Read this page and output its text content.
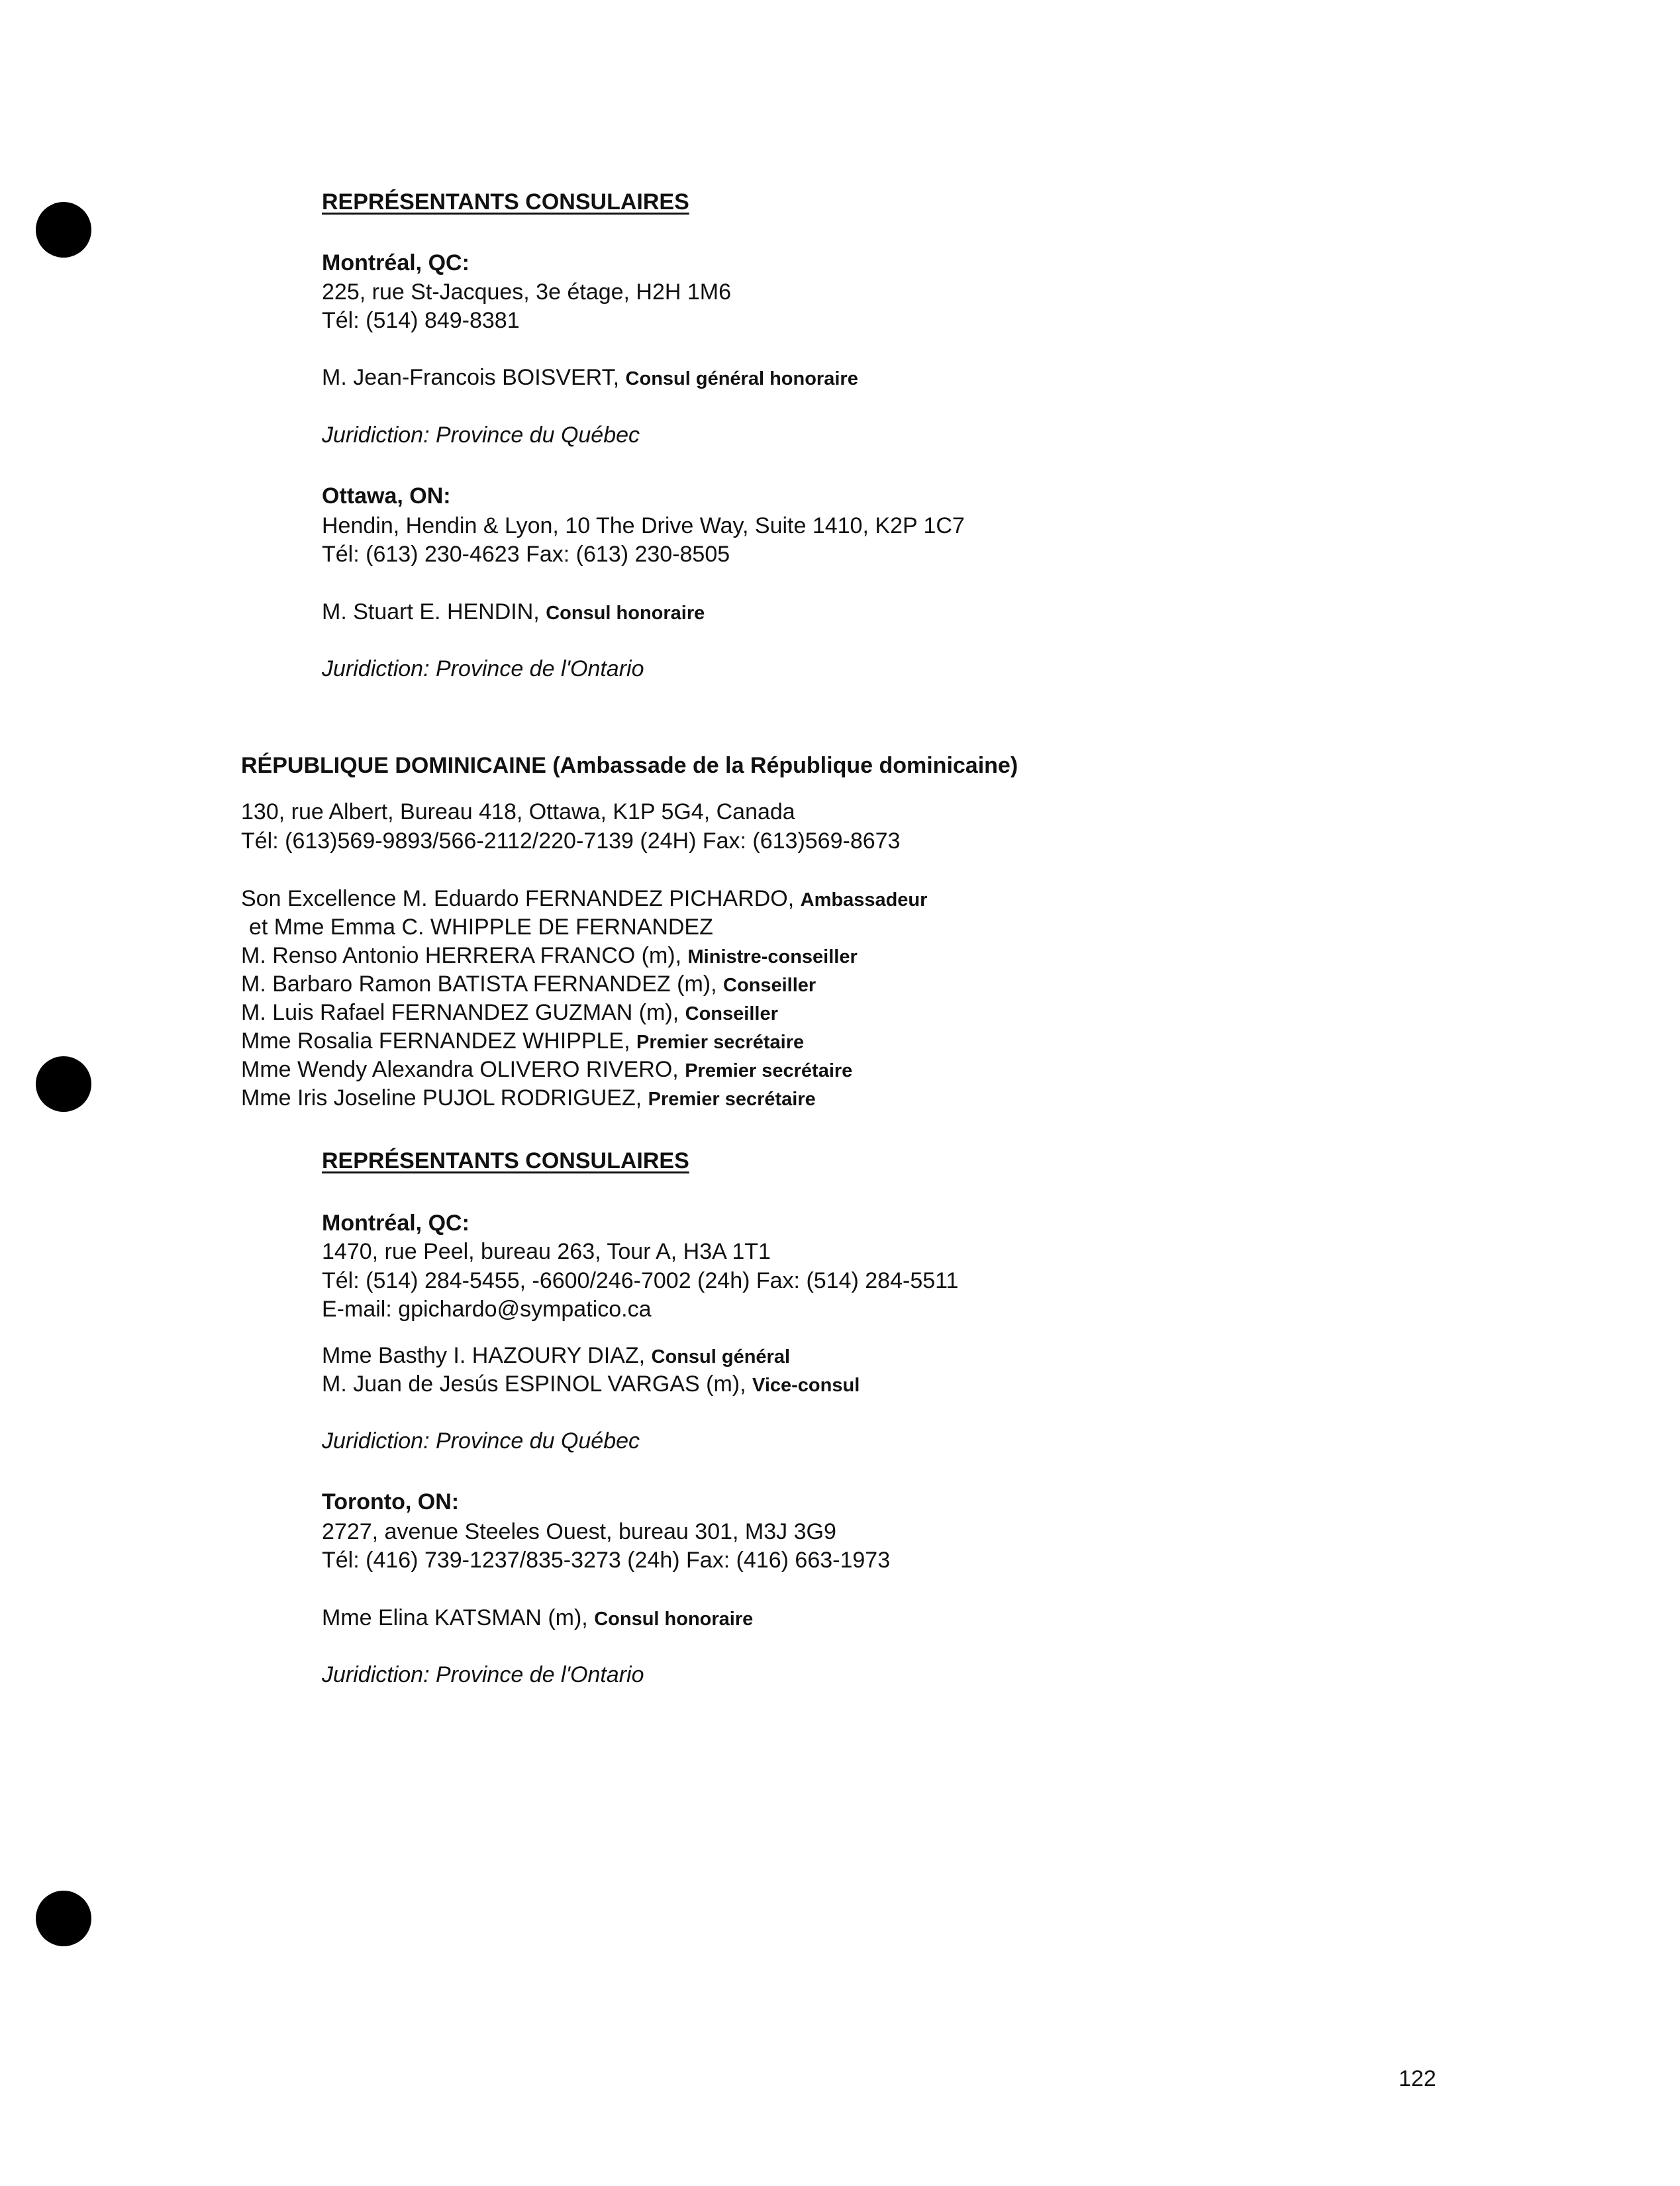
REPRÉSENTANTS CONSULAIRES
Montréal, QC:
225, rue St-Jacques, 3e étage, H2H 1M6
Tél: (514) 849-8381
M. Jean-Francois BOISVERT, Consul général honoraire
Juridiction: Province du Québec
Ottawa, ON:
Hendin, Hendin & Lyon, 10 The Drive Way, Suite 1410, K2P 1C7
Tél: (613) 230-4623 Fax: (613) 230-8505
M. Stuart E. HENDIN, Consul honoraire
Juridiction: Province de l'Ontario
RÉPUBLIQUE DOMINICAINE (Ambassade de la République dominicaine)
130, rue Albert, Bureau 418, Ottawa, K1P 5G4, Canada
Tél: (613)569-9893/566-2112/220-7139 (24H) Fax: (613)569-8673
Son Excellence M. Eduardo FERNANDEZ PICHARDO, Ambassadeur
et Mme Emma C. WHIPPLE DE FERNANDEZ
M. Renso Antonio HERRERA FRANCO (m), Ministre-conseiller
M. Barbaro Ramon BATISTA FERNANDEZ (m), Conseiller
M. Luis Rafael FERNANDEZ GUZMAN (m), Conseiller
Mme Rosalia FERNANDEZ WHIPPLE, Premier secrétaire
Mme Wendy Alexandra OLIVERO RIVERO, Premier secrétaire
Mme Iris Joseline PUJOL RODRIGUEZ, Premier secrétaire
REPRÉSENTANTS CONSULAIRES
Montréal, QC:
1470, rue Peel, bureau 263, Tour A, H3A 1T1
Tél: (514) 284-5455, -6600/246-7002 (24h) Fax: (514) 284-5511
E-mail: gpichardo@sympatico.ca
Mme Basthy I. HAZOURY DIAZ, Consul général
M. Juan de Jesús ESPINOL VARGAS (m), Vice-consul
Juridiction: Province du Québec
Toronto, ON:
2727, avenue Steeles Ouest, bureau 301, M3J 3G9
Tél: (416) 739-1237/835-3273 (24h) Fax: (416) 663-1973
Mme Elina KATSMAN (m), Consul honoraire
Juridiction: Province de l'Ontario
122
